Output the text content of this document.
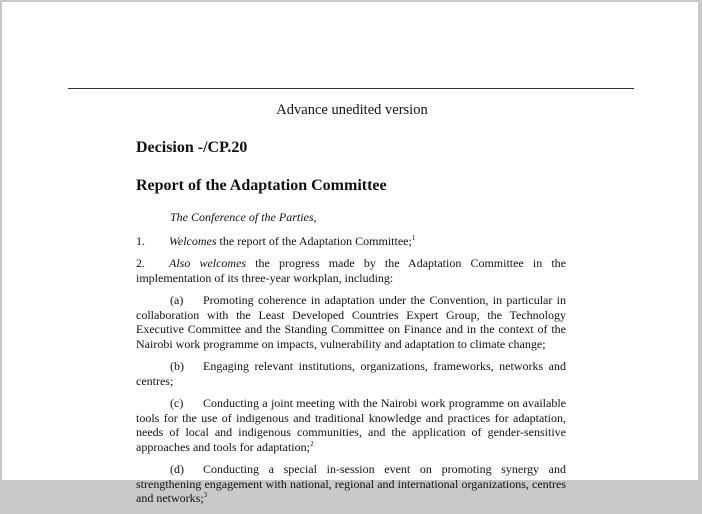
Advance unedited version
Decision -/CP.20
Report of the Adaptation Committee

The Conference of the Parties,

1. Welcomes the report of the Adaptation Committee;$^1$

2. Also welcomes the progress made by the Adaptation Committee in the implementation of its three-year workplan, including:

(a) Promoting coherence in adaptation under the Convention, in particular in collaboration with the Least Developed Countries Expert Group, the Technology Executive Committee and the Standing Committee on Finance and in the context of the Nairobi work programme on impacts, vulnerability and adaptation to climate change;

(b) Engaging relevant institutions, organizations, frameworks, networks and centres;

(c) Conducting a joint meeting with the Nairobi work programme on available tools for the use of indigenous and traditional knowledge and practices for adaptation, needs of local and indigenous communities, and the application of gender-sensitive approaches and tools for adaptation;$^2$

(d) Conducting a special in-session event on promoting synergy and strengthening engagement with national, regional and international organizations, centres and networks;$^3$
